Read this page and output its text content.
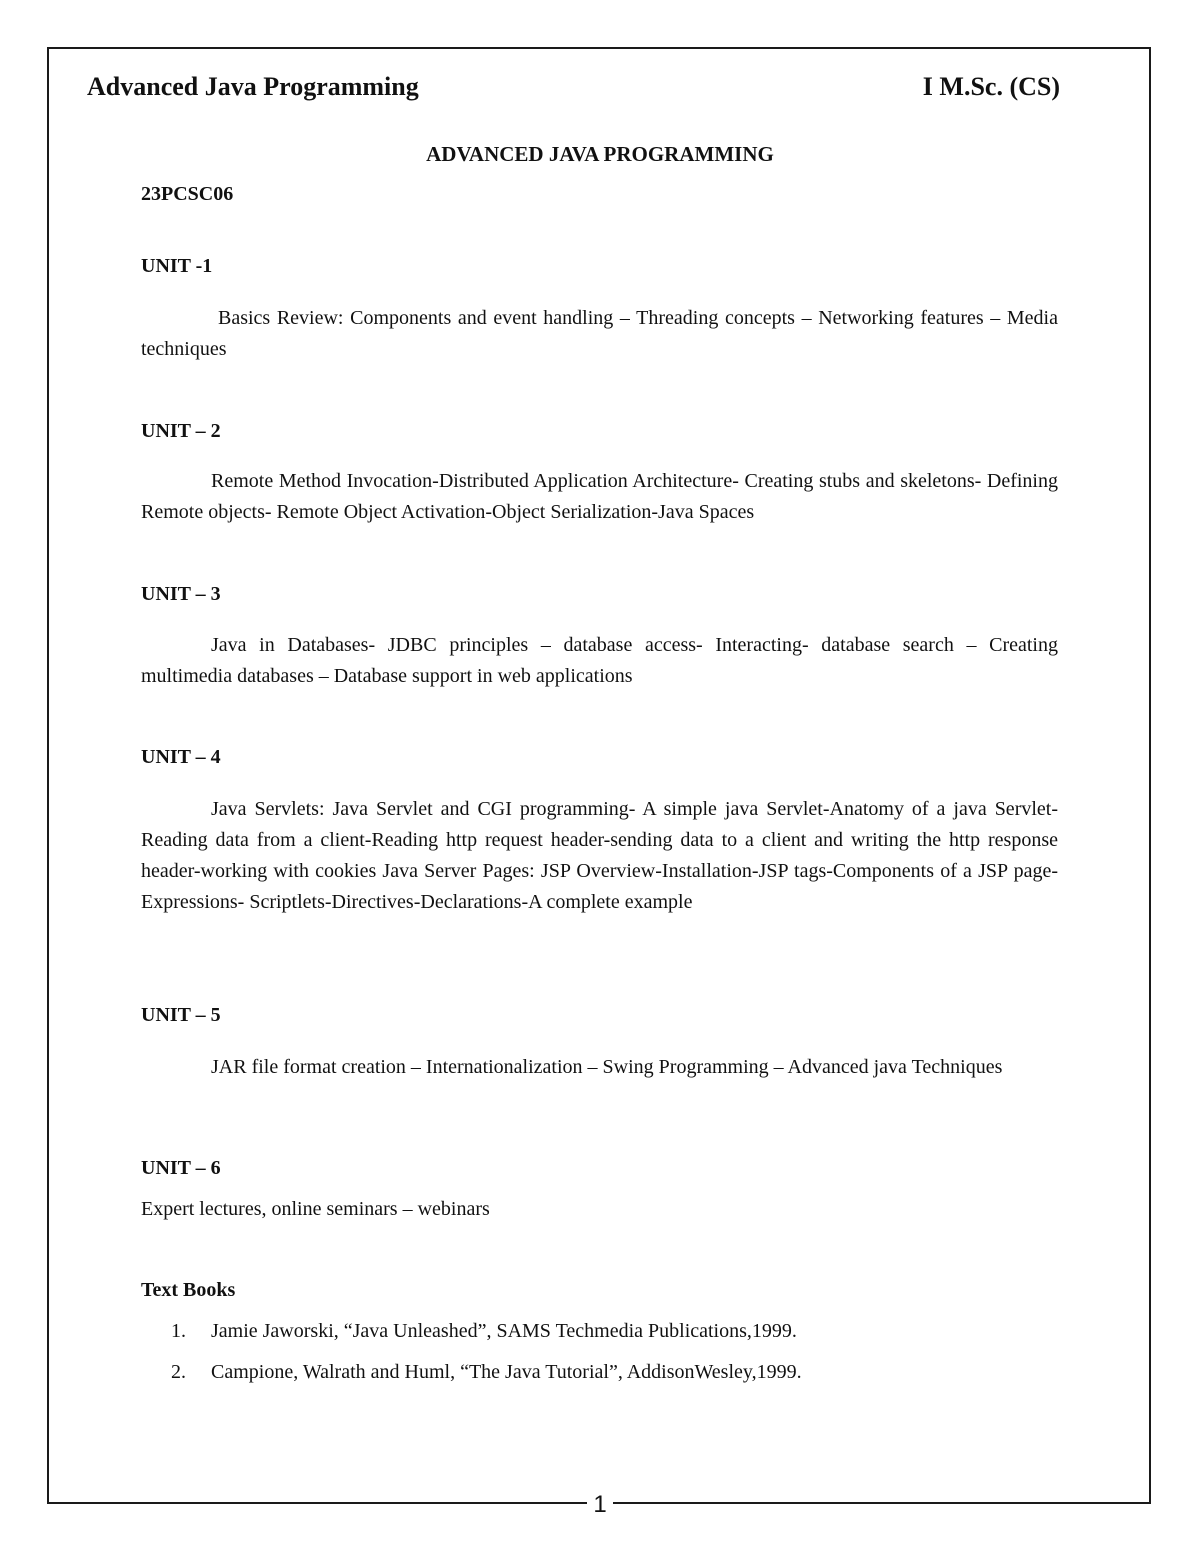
Advanced Java Programming	I M.Sc. (CS)
ADVANCED JAVA PROGRAMMING
23PCSC06
UNIT -1

Basics Review: Components and event handling – Threading concepts – Networking features – Media techniques

UNIT – 2

Remote Method Invocation-Distributed Application Architecture- Creating stubs and skeletons- Defining Remote objects- Remote Object Activation-Object Serialization-Java Spaces

UNIT – 3

Java in Databases- JDBC principles – database access- Interacting- database search – Creating multimedia databases – Database support in web applications

UNIT – 4

Java Servlets: Java Servlet and CGI programming- A simple java Servlet-Anatomy of a java Servlet-Reading data from a client-Reading http request header-sending data to a client and writing the http response header-working with cookies Java Server Pages: JSP Overview-Installation-JSP tags-Components of a JSP page-Expressions- Scriptlets-Directives-Declarations-A complete example

UNIT – 5

JAR file format creation – Internationalization – Swing Programming – Advanced java Techniques

UNIT – 6

Expert lectures, online seminars – webinars

Text Books
1. Jamie Jaworski, “Java Unleashed”, SAMS Techmedia Publications,1999.
2. Campione, Walrath and Huml, “The Java Tutorial”, AddisonWesley,1999.
1
